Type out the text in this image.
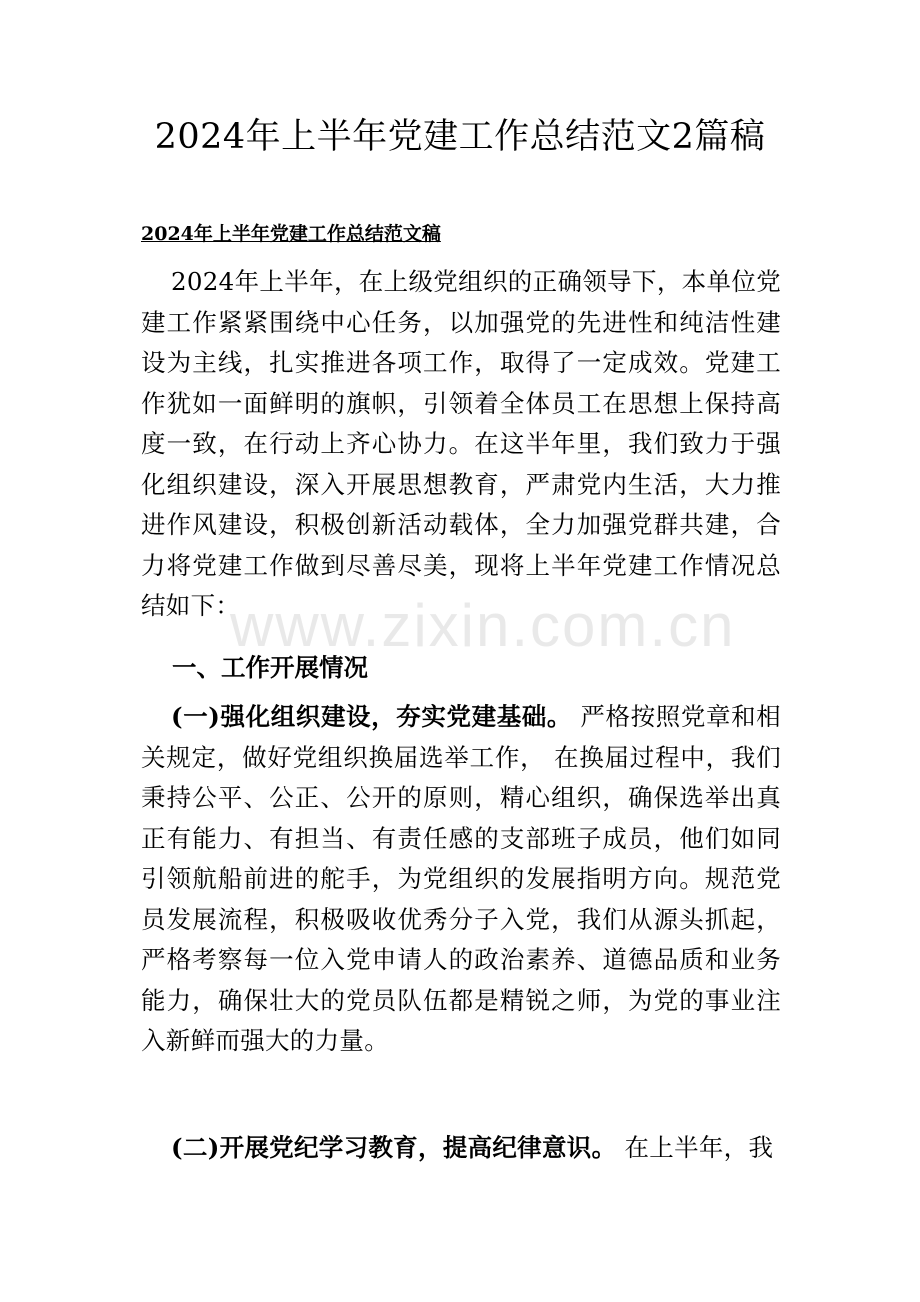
2024年上半年党建工作总结范文2篇稿
2024年上半年党建工作总结范文稿

2024年上半年，在上级党组织的正确领导下，本单位党建工作紧紧围绕中心任务，以加强党的先进性和纯洁性建设为主线，扎实推进各项工作，取得了一定成效。党建工作犹如一面鲜明的旗帜，引领着全体员工在思想上保持高度一致，在行动上齐心协力。在这半年里，我们致力于强化组织建设，深入开展思想教育，严肃党内生活，大力推进作风建设，积极创新活动载体，全力加强党群共建，合力将党建工作做到尽善尽美，现将上半年党建工作情况总结如下：

一、工作开展情况

(一)强化组织建设，夯实党建基础。 严格按照党章和相关规定，做好党组织换届选举工作， 在换届过程中，我们秉持公平、公正、公开的原则，精心组织，确保选举出真正有能力、有担当、有责任感的支部班子成员，他们如同引领航船前进的舵手，为党组织的发展指明方向。规范党员发展流程，积极吸收优秀分子入党，我们从源头抓起，严格考察每一位入党申请人的政治素养、道德品质和业务能力，确保壮大的党员队伍都是精锐之师，为党的事业注入新鲜而强大的力量。

(二)开展党纪学习教育，提高纪律意识。 在上半年，我

www.zixin.com.cn
